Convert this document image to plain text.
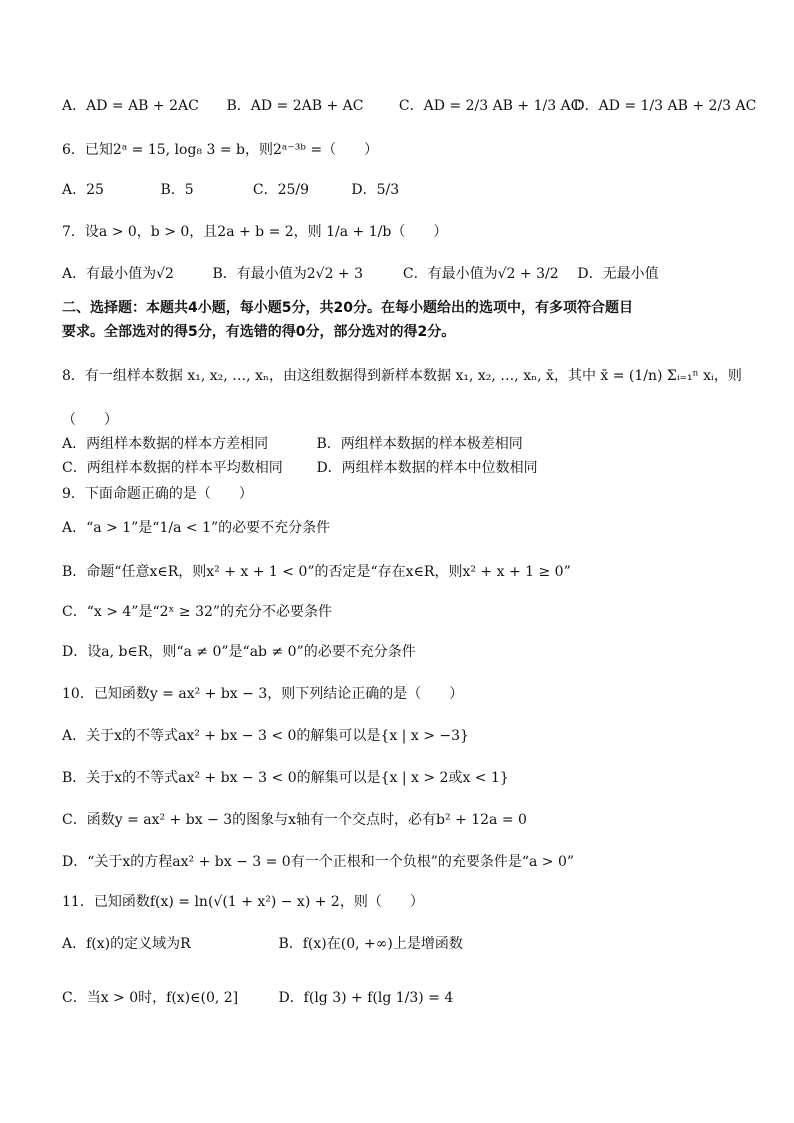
A．AD = AB + 2AC B．AD = 2AB + AC	C．AD = 2/3 AB + 1/3 AC D．AD = 1/3 AB + 2/3 AC
6．已知2ᵃ = 15, log₈ 3 = b，则2ᵃ⁻³ᵇ =（　　）
A．25	B．5	C．25/9	D．5/3
7．设a > 0，b > 0，且2a + b = 2，则 1/a + 1/b（　　）
A．有最小值为√2	B．有最小值为2√2 + 3	C．有最小值为√2 + 3/2 D．无最小值
二、选择题：本题共4小题，每小题5分，共20分。在每小题给出的选项中，有多项符合题目
要求。全部选对的得5分，有选错的得0分，部分选对的得2分。
8．有一组样本数据 x₁, x₂, …, xₙ，由这组数据得到新样本数据 x₁, x₂, …, xₙ, x̄，其中 x̄ = (1/n) Σᵢ₌₁ⁿ xᵢ，则
（　　）
A．两组样本数据的样本方差相同	B．两组样本数据的样本极差相同
C．两组样本数据的样本平均数相同 D．两组样本数据的样本中位数相同
9．下面命题正确的是（　　）
A．“a > 1”是“1/a < 1”的必要不充分条件
B．命题“任意x∈R，则x² + x + 1 < 0”的否定是“存在x∈R，则x² + x + 1 ≥ 0”
C．“x > 4”是“2ˣ ≥ 32”的充分不必要条件
D．设a, b∈R，则“a ≠ 0”是“ab ≠ 0”的必要不充分条件
10．已知函数y = ax² + bx − 3，则下列结论正确的是（　　）
A．关于x的不等式ax² + bx − 3 < 0的解集可以是{x | x > −3}
B．关于x的不等式ax² + bx − 3 < 0的解集可以是{x | x > 2或x < 1}
C．函数y = ax² + bx − 3的图象与x轴有一个交点时，必有b² + 12a = 0
D．“关于x的方程ax² + bx − 3 = 0有一个正根和一个负根”的充要条件是“a > 0”
11．已知函数f(x) = ln(√(1 + x²) − x) + 2，则（　　）
A．f(x)的定义域为R	B．f(x)在(0, +∞)上是增函数
C．当x > 0时，f(x)∈(0, 2]	D．f(lg 3) + f(lg 1/3) = 4
